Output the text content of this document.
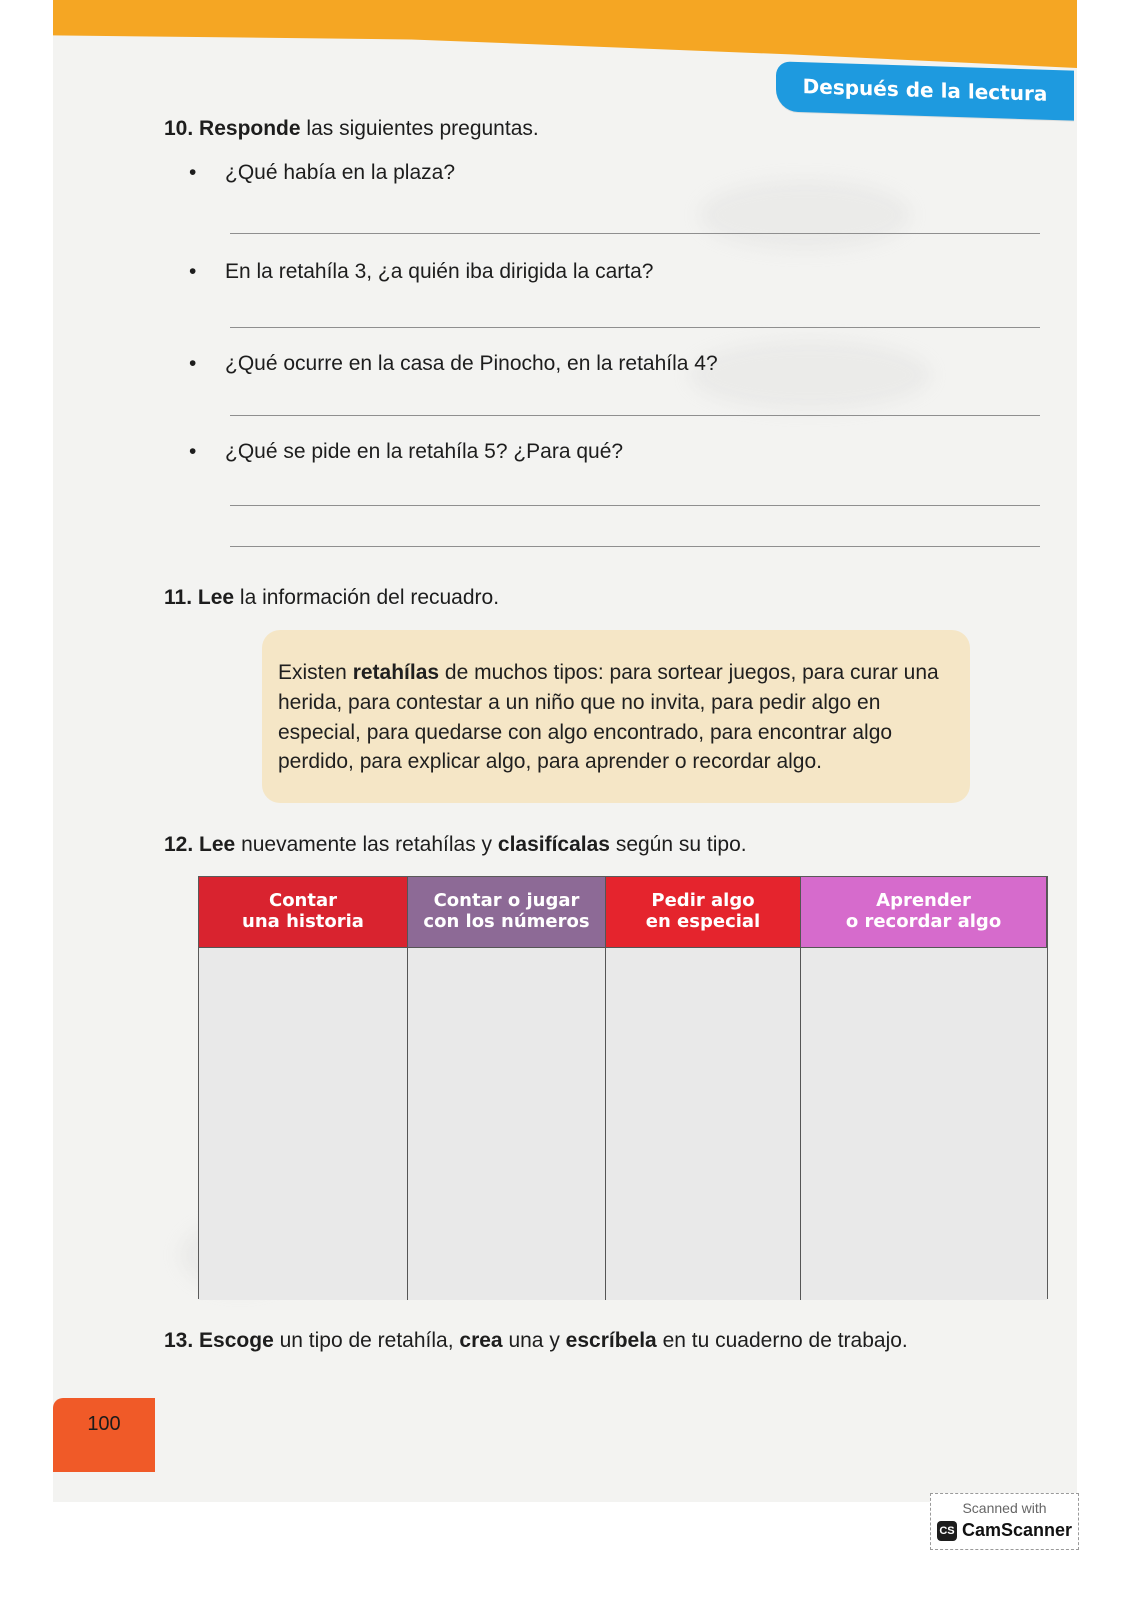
Después de la lectura
10. Responde las siguientes preguntas.
• ¿Qué había en la plaza?
• En la retahíla 3, ¿a quién iba dirigida la carta?
• ¿Qué ocurre en la casa de Pinocho, en la retahíla 4?
• ¿Qué se pide en la retahíla 5? ¿Para qué?
11. Lee la información del recuadro.
Existen retahílas de muchos tipos: para sortear juegos, para curar una herida, para contestar a un niño que no invita, para pedir algo en especial, para quedarse con algo encontrado, para encontrar algo perdido, para explicar algo, para aprender o recordar algo.
12. Lee nuevamente las retahílas y clasifícalas según su tipo.
Contar
una historia
Contar o jugar
con los números
Pedir algo
en especial
Aprender
o recordar algo
13. Escoge un tipo de retahíla, crea una y escríbela en tu cuaderno de trabajo.
100
Scanned with
CS CamScanner
